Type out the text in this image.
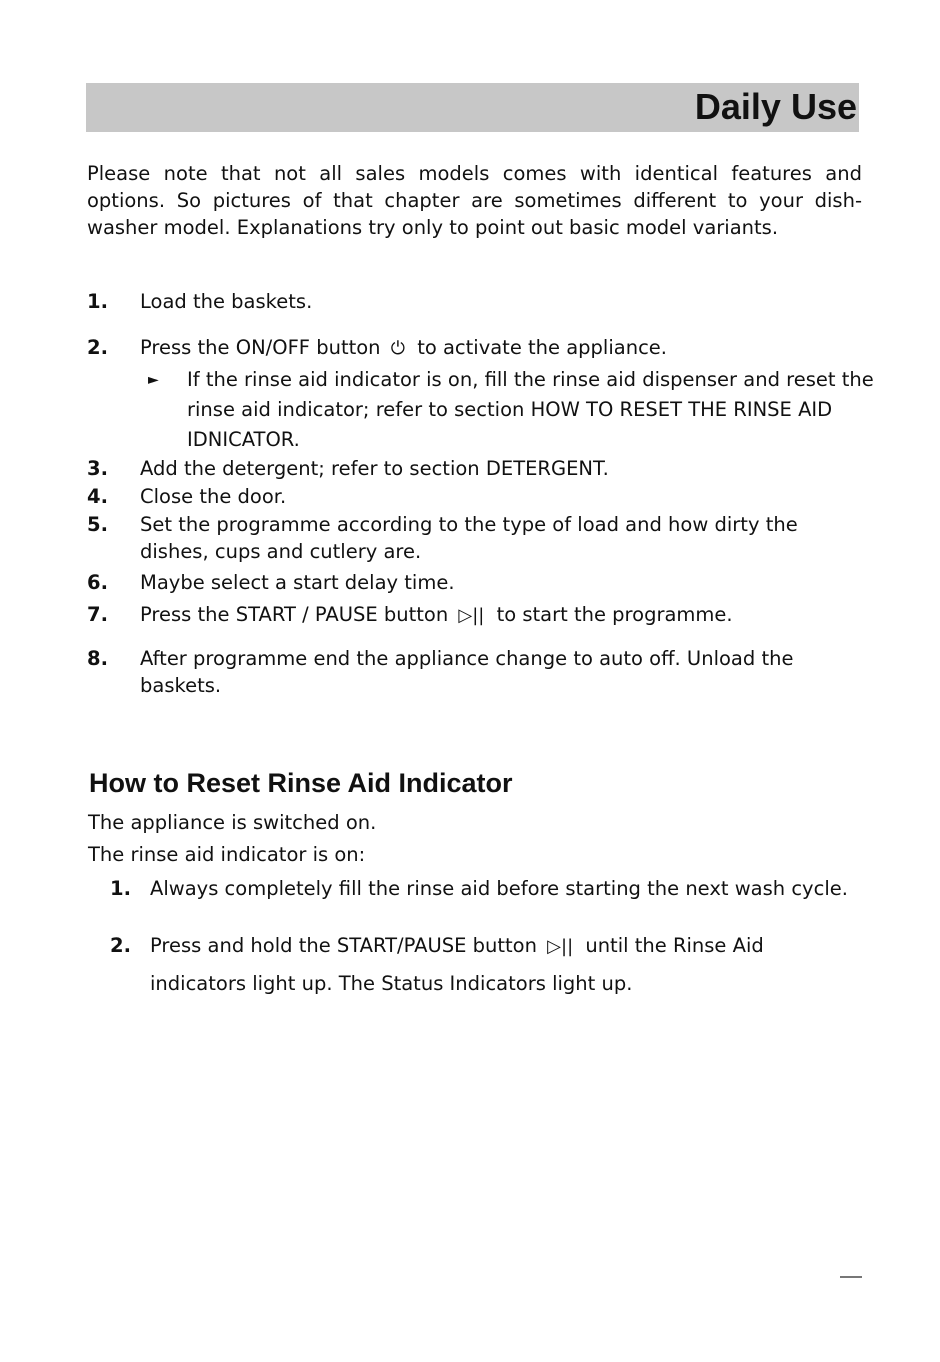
Daily Use
Please note that not all sales models comes with identical features and options. So pictures of that chapter are sometimes different to your dish-washer model. Explanations try only to point out basic model variants.
1. Load the baskets.
2. Press the ON/OFF button ⏻ to activate the appliance.
► If the rinse aid indicator is on, fill the rinse aid dispenser and reset the rinse aid indicator; refer to section HOW TO RESET THE RINSE AID IDNICATOR.
3. Add the detergent; refer to section DETERGENT.
4. Close the door.
5. Set the programme according to the type of load and how dirty the dishes, cups and cutlery are.
6. Maybe select a start delay time.
7. Press the START / PAUSE button ▷|| to start the programme.
8. After programme end the appliance change to auto off. Unload the baskets.
How to Reset Rinse Aid Indicator
The appliance is switched on.
The rinse aid indicator is on:
1. Always completely fill the rinse aid before starting the next wash cycle.
2. Press and hold the START/PAUSE button ▷|| until the Rinse Aid indicators light up. The Status Indicators light up.
